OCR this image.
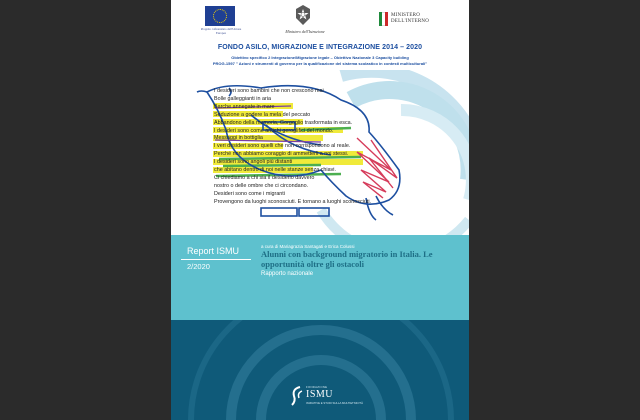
Progetto cofinanziato dall'Unione Europea	Ministero dell'Istruzione
MINISTERO
DELL'INTERNO
FONDO ASILO, MIGRAZIONE E INTEGRAZIONE 2014 – 2020
Obiettivo specifico 2 Integrazione/Migrazione legale – Obiettivo Nazionale 3 Capacity building
PROG-1597 " Azioni e strumenti di governo per la qualificazione del sistema scolastico in contesti multiculturali"
I desideri sono bambini che non crescono mai
Bolle galleggianti in aria
Barche annegate in mare
Seduzione a godere la mela del peccato
Abbandono della memoria, Gorgoglio trasformata in esca.
I desideri sono come antichi geroglifici del mondo.
Messaggi in bottiglia
I veri desideri sono quelli che non corrispondono al reale.
Perché non abbiamo coraggio di ammetterli a noi stessi.
I desideri sono angoli più distanti
che abitano dentro di noi nelle stanze senza chiavi.
Ci chiediamo a chi sia il desiderio davvero
nostro o delle ombre che ci circondano.
Desideri sono come i migranti
Provengono da luoghi sconosciuti. E tornano a luoghi sconosciuti.
Report ISMU
2/2020
a cura di Mariagrazia Santagati e Erica Colussi
Alunni con background migratorio in Italia. Le opportunità oltre gli ostacoli
Rapporto nazionale
FONDAZIONE
ISMU
INIZIATIVE E STUDI SULLA MULTIETNICITÀ
